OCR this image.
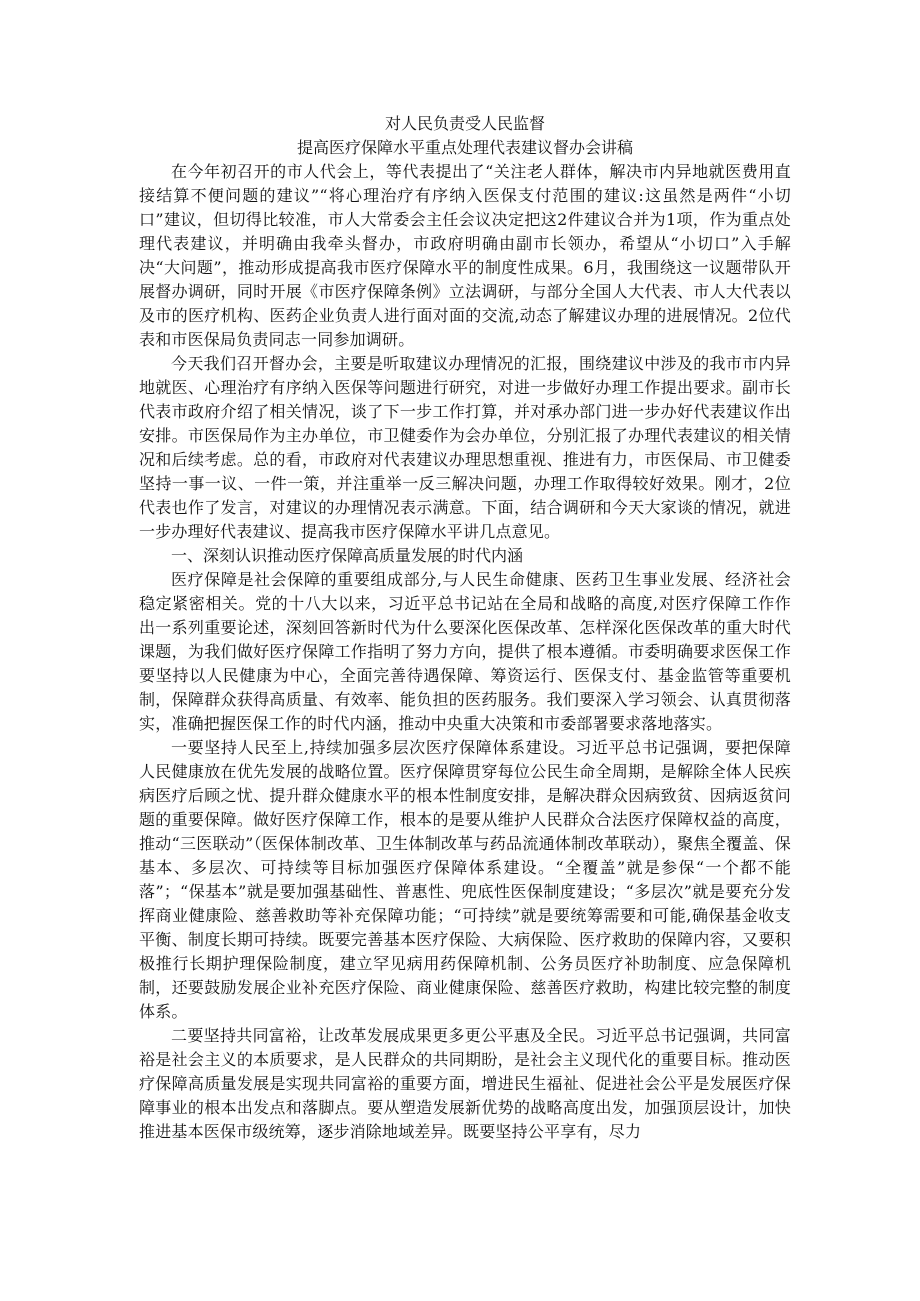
对人民负责受人民监督

提高医疗保障水平重点处理代表建议督办会讲稿

在今年初召开的市人代会上，等代表提出了“关注老人群体，解决市内异地就医费用直接结算不便问题的建议”“将心理治疗有序纳入医保支付范围的建议:这虽然是两件“小切口”建议，但切得比较准，市人大常委会主任会议决定把这2件建议合并为1项，作为重点处理代表建议，并明确由我牵头督办，市政府明确由副市长领办，希望从“小切口”入手解决“大问题”，推动形成提高我市医疗保障水平的制度性成果。6月，我围绕这一议题带队开展督办调研，同时开展《市医疗保障条例》立法调研，与部分全国人大代表、市人大代表以及市的医疗机构、医药企业负责人进行面对面的交流,动态了解建议办理的进展情况。2位代表和市医保局负责同志一同参加调研。

今天我们召开督办会，主要是听取建议办理情况的汇报，围绕建议中涉及的我市市内异地就医、心理治疗有序纳入医保等问题进行研究，对进一步做好办理工作提出要求。副市长代表市政府介绍了相关情况，谈了下一步工作打算，并对承办部门进一步办好代表建议作出安排。市医保局作为主办单位，市卫健委作为会办单位，分别汇报了办理代表建议的相关情况和后续考虑。总的看，市政府对代表建议办理思想重视、推进有力，市医保局、市卫健委坚持一事一议、一件一策，并注重举一反三解决问题，办理工作取得较好效果。刚才，2位代表也作了发言，对建议的办理情况表示满意。下面，结合调研和今天大家谈的情况，就进一步办理好代表建议、提高我市医疗保障水平讲几点意见。

一、深刻认识推动医疗保障高质量发展的时代内涵

医疗保障是社会保障的重要组成部分,与人民生命健康、医药卫生事业发展、经济社会稳定紧密相关。党的十八大以来，习近平总书记站在全局和战略的高度,对医疗保障工作作出一系列重要论述，深刻回答新时代为什么要深化医保改革、怎样深化医保改革的重大时代课题，为我们做好医疗保障工作指明了努力方向，提供了根本遵循。市委明确要求医保工作要坚持以人民健康为中心，全面完善待遇保障、筹资运行、医保支付、基金监管等重要机制，保障群众获得高质量、有效率、能负担的医药服务。我们要深入学习领会、认真贯彻落实，准确把握医保工作的时代内涵，推动中央重大决策和市委部署要求落地落实。

一要坚持人民至上,持续加强多层次医疗保障体系建设。习近平总书记强调，要把保障人民健康放在优先发展的战略位置。医疗保障贯穿每位公民生命全周期，是解除全体人民疾病医疗后顾之忧、提升群众健康水平的根本性制度安排，是解决群众因病致贫、因病返贫问题的重要保障。做好医疗保障工作，根本的是要从维护人民群众合法医疗保障权益的高度，推动“三医联动”（医保体制改革、卫生体制改革与药品流通体制改革联动），聚焦全覆盖、保基本、多层次、可持续等目标加强医疗保障体系建设。“全覆盖”就是参保“一个都不能落”；“保基本”就是要加强基础性、普惠性、兜底性医保制度建设；“多层次”就是要充分发挥商业健康险、慈善救助等补充保障功能；“可持续”就是要统筹需要和可能,确保基金收支平衡、制度长期可持续。既要完善基本医疗保险、大病保险、医疗救助的保障内容，又要积极推行长期护理保险制度，建立罕见病用药保障机制、公务员医疗补助制度、应急保障机制，还要鼓励发展企业补充医疗保险、商业健康保险、慈善医疗救助，构建比较完整的制度体系。

二要坚持共同富裕，让改革发展成果更多更公平惠及全民。习近平总书记强调，共同富裕是社会主义的本质要求，是人民群众的共同期盼，是社会主义现代化的重要目标。推动医疗保障高质量发展是实现共同富裕的重要方面，增进民生福祉、促进社会公平是发展医疗保障事业的根本出发点和落脚点。要从塑造发展新优势的战略高度出发，加强顶层设计，加快推进基本医保市级统筹，逐步消除地域差异。既要坚持公平享有，尽力
